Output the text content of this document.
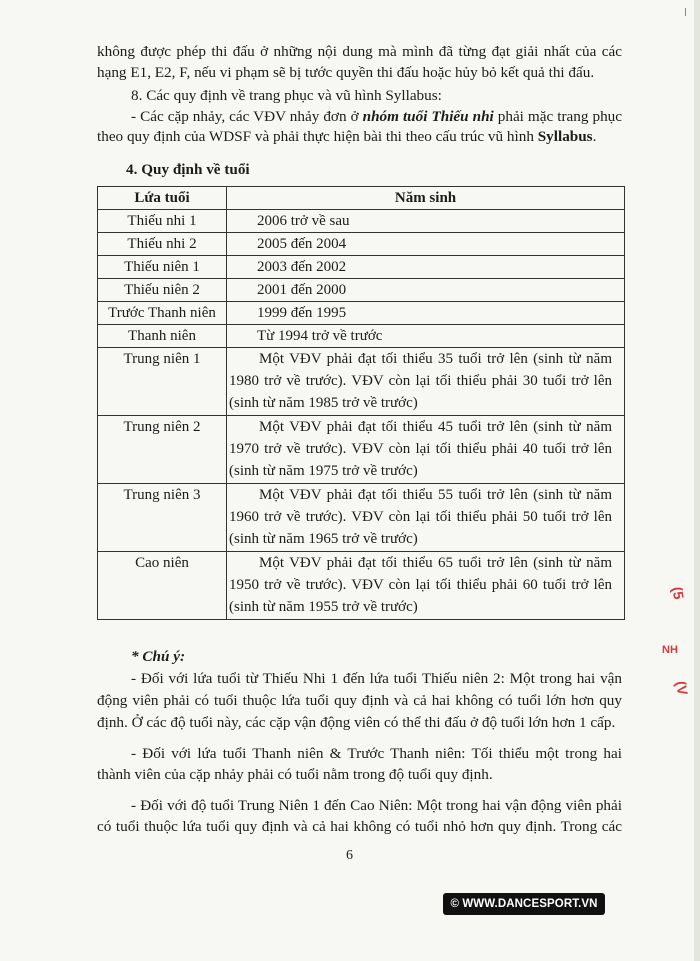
không được phép thi đấu ở những nội dung mà mình đã từng đạt giải nhất của các
hạng E1, E2, F, nếu vi phạm sẽ bị tước quyền thi đấu hoặc hủy bỏ kết quả thi đấu.
8. Các quy định về trang phục và vũ hình Syllabus:
- Các cặp nhảy, các VĐV nhảy đơn ở nhóm tuổi Thiếu nhi phải mặc trang phục
theo quy định của WDSF và phải thực hiện bài thi theo cấu trúc vũ hình Syllabus.
4. Quy định về tuổi
Lứa tuổi	Năm sinh
Thiếu nhi 1	2006 trở về sau
Thiếu nhi 2	2005 đến 2004
Thiếu niên 1	2003 đến 2002
Thiếu niên 2	2001 đến 2000
Trước Thanh niên	1999 đến 1995
Thanh niên	Từ 1994 trở về trước
Trung niên 1	Một VĐV phải đạt tối thiểu 35 tuổi trở lên (sinh từ năm
1980 trở về trước). VĐV còn lại tối thiểu phải 30 tuổi trở lên
(sinh từ năm 1985 trở về trước)

Trung niên 2	Một VĐV phải đạt tối thiểu 45 tuổi trở lên (sinh từ năm
1970 trở về trước). VĐV còn lại tối thiểu phải 40 tuổi trở lên
(sinh từ năm 1975 trở về trước)

Trung niên 3	Một VĐV phải đạt tối thiểu 55 tuổi trở lên (sinh từ năm
1960 trở về trước). VĐV còn lại tối thiểu phải 50 tuổi trở lên
(sinh từ năm 1965 trở về trước)

Cao niên	Một VĐV phải đạt tối thiểu 65 tuổi trở lên (sinh từ năm
1950 trở về trước). VĐV còn lại tối thiểu phải 60 tuổi trở lên
(sinh từ năm 1955 trở về trước)
* Chú ý:
- Đối với lứa tuổi từ Thiếu Nhi 1 đến lứa tuổi Thiếu niên 2: Một trong hai vận
động viên phải có tuổi thuộc lứa tuổi quy định và cả hai không có tuổi lớn hơn quy
định. Ở các độ tuổi này, các cặp vận động viên có thể thi đấu ở độ tuổi lớn hơn 1 cấp.
- Đối với lứa tuổi Thanh niên & Trước Thanh niên: Tối thiểu một trong hai
thành viên của cặp nhảy phải có tuổi nằm trong độ tuổi quy định.
- Đối với độ tuổi Trung Niên 1 đến Cao Niên: Một trong hai vận động viên phải
có tuổi thuộc lứa tuổi quy định và cả hai không có tuổi nhỏ hơn quy định. Trong các
6
© WWW.DANCESPORT.VN
(5
NH
(V
